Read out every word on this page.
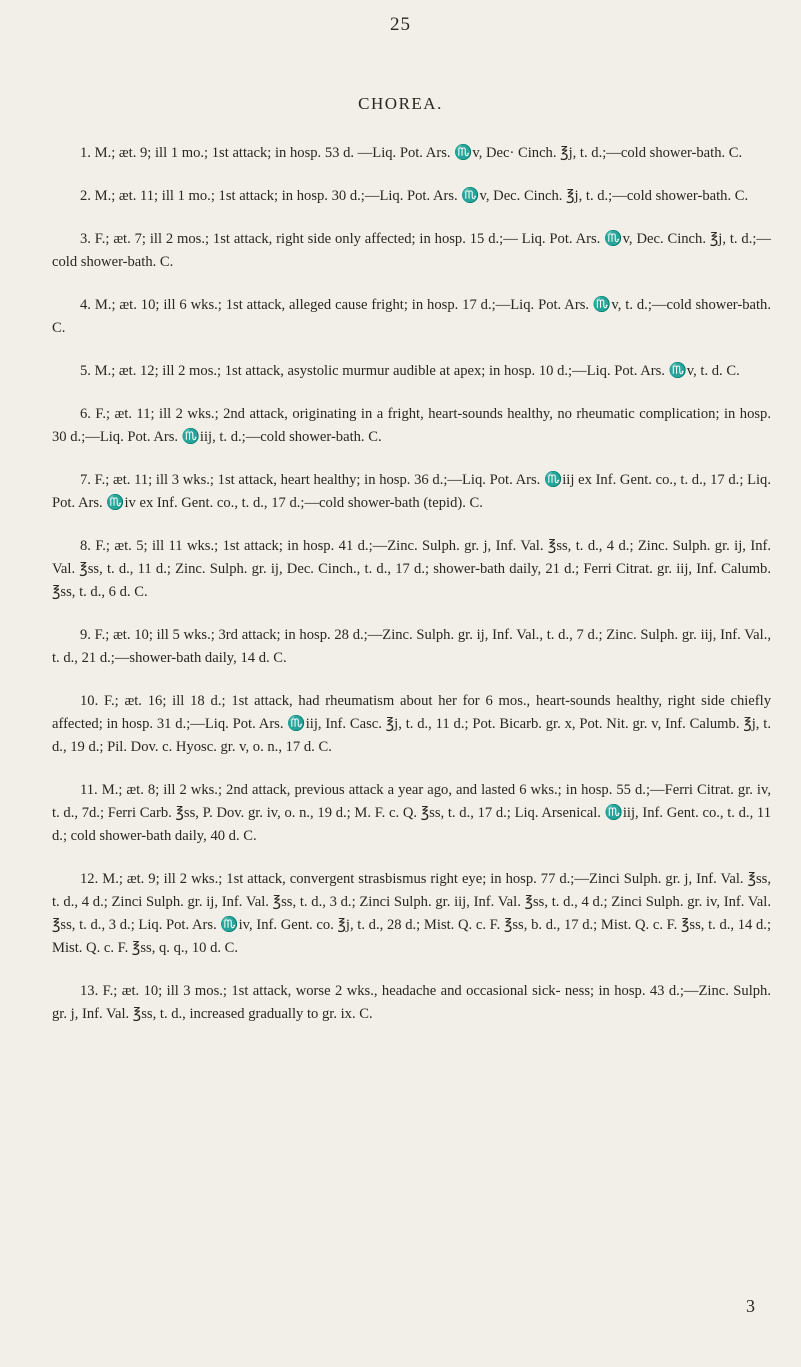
25
CHOREA.

1. M.; æt. 9; ill 1 mo.; 1st attack; in hosp. 53 d. —Liq. Pot. Ars. ♏v, Dec· Cinch. ℥j, t. d.;—cold shower-bath. C.

2. M.; æt. 11; ill 1 mo.; 1st attack; in hosp. 30 d.;—Liq. Pot. Ars. ♏v, Dec. Cinch. ℥j, t. d.;—cold shower-bath. C.

3. F.; æt. 7; ill 2 mos.; 1st attack, right side only affected; in hosp. 15 d.;— Liq. Pot. Ars. ♏v, Dec. Cinch. ℥j, t. d.;—cold shower-bath. C.

4. M.; æt. 10; ill 6 wks.; 1st attack, alleged cause fright; in hosp. 17 d.;—Liq. Pot. Ars. ♏v, t. d.;—cold shower-bath. C.

5. M.; æt. 12; ill 2 mos.; 1st attack, asystolic murmur audible at apex; in hosp. 10 d.;—Liq. Pot. Ars. ♏v, t. d. C.

6. F.; æt. 11; ill 2 wks.; 2nd attack, originating in a fright, heart-sounds healthy, no rheumatic complication; in hosp. 30 d.;—Liq. Pot. Ars. ♏iij, t. d.;—cold shower-bath. C.

7. F.; æt. 11; ill 3 wks.; 1st attack, heart healthy; in hosp. 36 d.;—Liq. Pot. Ars. ♏iij ex Inf. Gent. co., t. d., 17 d.; Liq. Pot. Ars. ♏iv ex Inf. Gent. co., t. d., 17 d.;—cold shower-bath (tepid). C.

8. F.; æt. 5; ill 11 wks.; 1st attack; in hosp. 41 d.;—Zinc. Sulph. gr. j, Inf. Val. ℥ss, t. d., 4 d.; Zinc. Sulph. gr. ij, Inf. Val. ℥ss, t. d., 11 d.; Zinc. Sulph. gr. ij, Dec. Cinch., t. d., 17 d.; shower-bath daily, 21 d.; Ferri Citrat. gr. iij, Inf. Calumb. ℥ss, t. d., 6 d. C.

9. F.; æt. 10; ill 5 wks.; 3rd attack; in hosp. 28 d.;—Zinc. Sulph. gr. ij, Inf. Val., t. d., 7 d.; Zinc. Sulph. gr. iij, Inf. Val., t. d., 21 d.;—shower-bath daily, 14 d. C.

10. F.; æt. 16; ill 18 d.; 1st attack, had rheumatism about her for 6 mos., heart-sounds healthy, right side chiefly affected; in hosp. 31 d.;—Liq. Pot. Ars. ♏iij, Inf. Casc. ℥j, t. d., 11 d.; Pot. Bicarb. gr. x, Pot. Nit. gr. v, Inf. Calumb. ℥j, t. d., 19 d.; Pil. Dov. c. Hyosc. gr. v, o. n., 17 d. C.

11. M.; æt. 8; ill 2 wks.; 2nd attack, previous attack a year ago, and lasted 6 wks.; in hosp. 55 d.;—Ferri Citrat. gr. iv, t. d., 7d.; Ferri Carb. ℥ss, P. Dov. gr. iv, o. n., 19 d.; M. F. c. Q. ℥ss, t. d., 17 d.; Liq. Arsenical. ♏iij, Inf. Gent. co., t. d., 11 d.; cold shower-bath daily, 40 d. C.

12. M.; æt. 9; ill 2 wks.; 1st attack, convergent strasbismus right eye; in hosp. 77 d.;—Zinci Sulph. gr. j, Inf. Val. ℥ss, t. d., 4 d.; Zinci Sulph. gr. ij, Inf. Val. ℥ss, t. d., 3 d.; Zinci Sulph. gr. iij, Inf. Val. ℥ss, t. d., 4 d.; Zinci Sulph. gr. iv, Inf. Val. ℥ss, t. d., 3 d.; Liq. Pot. Ars. ♏iv, Inf. Gent. co. ℥j, t. d., 28 d.; Mist. Q. c. F. ℥ss, b. d., 17 d.; Mist. Q. c. F. ℥ss, t. d., 14 d.; Mist. Q. c. F. ℥ss, q. q., 10 d. C.

13. F.; æt. 10; ill 3 mos.; 1st attack, worse 2 wks., headache and occasional sick- ness; in hosp. 43 d.;—Zinc. Sulph. gr. j, Inf. Val. ℥ss, t. d., increased gradually to gr. ix. C.

3
